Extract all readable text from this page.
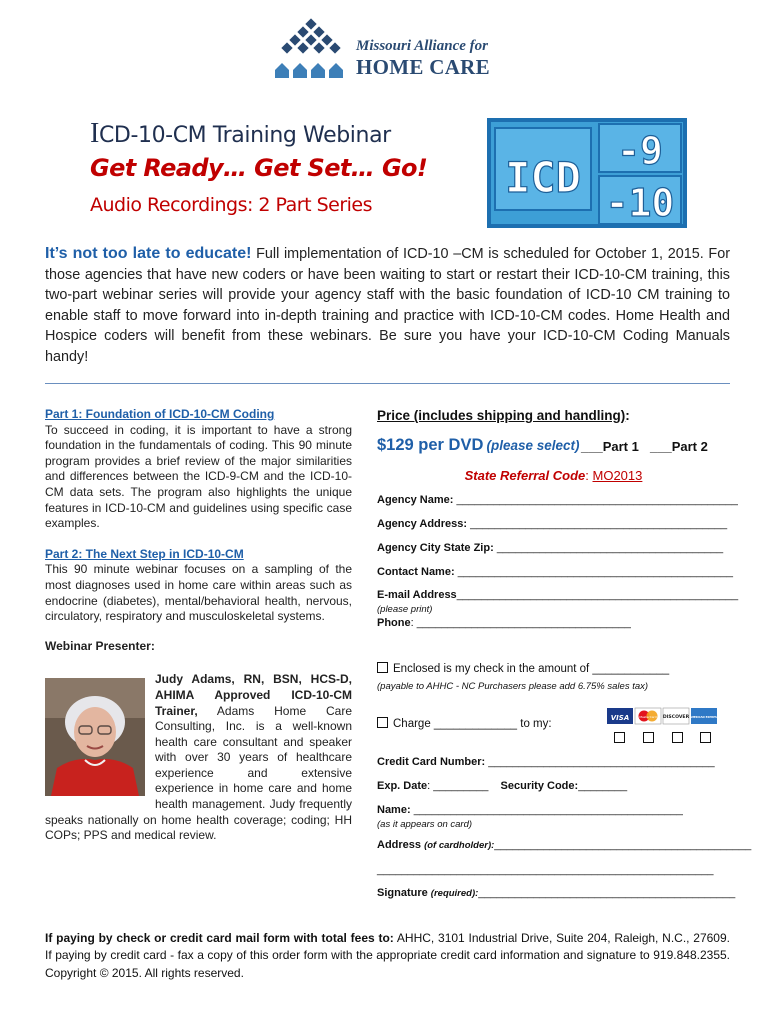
Missouri Alliance for
HOME CARE
ICD-10-CM Training Webinar
Get Ready… Get Set… Go!
Audio Recordings: 2 Part Series
ICD
-9
-10
It’s not too late to educate! Full implementation of ICD-10 –CM is scheduled for October 1, 2015. For those agencies that have new coders or have been waiting to start or restart their ICD-10-CM training, this two-part webinar series will provide your agency staff with the basic foundation of ICD-10 CM training to enable staff to move forward into in-depth training and practice with ICD-10-CM codes. Home Health and Hospice coders will benefit from these webinars. Be sure you have your ICD-10-CM Coding Manuals handy!
Part 1: Foundation of ICD-10-CM Coding
To succeed in coding, it is important to have a strong foundation in the fundamentals of coding. This 90 minute program provides a brief review of the major similarities and differences between the ICD-9-CM and the ICD-10-CM data sets. The program also highlights the unique features in ICD-10-CM and guidelines using specific case examples.
Part 2: The Next Step in ICD-10-CM
This 90 minute webinar focuses on a sampling of the most diagnoses used in home care within areas such as endocrine (diabetes), mental/behavioral health, nervous, circulatory, respiratory and musculoskeletal systems.
Webinar Presenter:
Judy Adams, RN, BSN, HCS-D, AHIMA Approved ICD-10-CM Trainer, Adams Home Care Consulting, Inc. is a well-known health care consultant and speaker with over 30 years of healthcare experience and extensive experience in home care and home health management. Judy frequently speaks nationally on home health coverage; coding; HH COPs; PPS and medical review.
Price (includes shipping and handling):
$129 per DVD (please select) ___Part 1 ___Part 2
State Referral Code: MO2013
Agency Name: ______________________________________________
Agency Address: __________________________________________
Agency City State Zip: _____________________________________
Contact Name: _____________________________________________
E-mail Address______________________________________________
(please print)
Phone: ___________________________________
Enclosed is my check in the amount of ____________
(payable to AHHC - NC Purchasers please add 6.75% sales tax)
Charge _____________ to my:	VISA	MasterCard DISCOVER AMERICAN EXPRESS
Credit Card Number: _____________________________________
Exp. Date: _________ Security Code:________
Name: ____________________________________________
(as it appears on card)
Address (of cardholder):__________________________________________
_______________________________________________________
Signature (required):__________________________________________
If paying by check or credit card mail form with total fees to: AHHC, 3101 Industrial Drive, Suite 204, Raleigh, N.C., 27609. If paying by credit card - fax a copy of this order form with the appropriate credit card information and signature to 919.848.2355. Copyright © 2015. All rights reserved.
